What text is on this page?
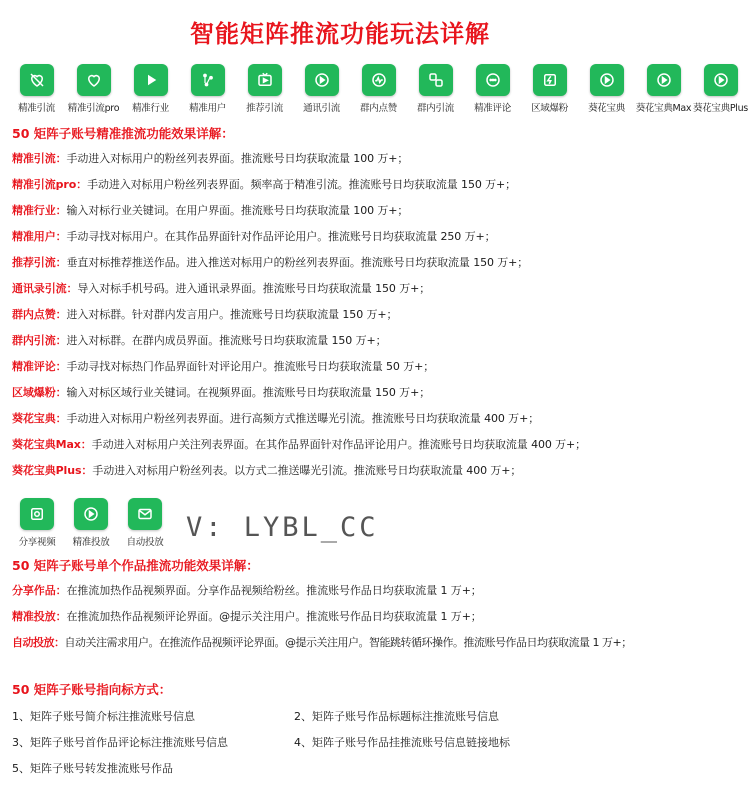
智能矩阵推流功能玩法详解
精准引流 精准引流pro 精准行业 精准用户 推荐引流 通讯引流 群内点赞 群内引流 精准评论 区域爆粉 葵花宝典 葵花宝典Max 葵花宝典Plus
50 矩阵子账号精准推流功能效果详解：
精准引流：手动进入对标用户的粉丝列表界面。推流账号日均获取流量 100 万+；
精准引流pro：手动进入对标用户粉丝列表界面。频率高于精准引流。推流账号日均获取流量 150 万+；
精准行业：输入对标行业关键词。在用户界面。推流账号日均获取流量 100 万+；
精准用户：手动寻找对标用户。在其作品界面针对作品评论用户。推流账号日均获取流量 250 万+；
推荐引流：垂直对标推荐推送作品。进入推送对标用户的粉丝列表界面。推流账号日均获取流量 150 万+；
通讯录引流：导入对标手机号码。进入通讯录界面。推流账号日均获取流量 150 万+；
群内点赞：进入对标群。针对群内发言用户。推流账号日均获取流量 150 万+；
群内引流：进入对标群。在群内成员界面。推流账号日均获取流量 150 万+；
精准评论：手动寻找对标热门作品界面针对评论用户。推流账号日均获取流量 50 万+；
区域爆粉：输入对标区域行业关键词。在视频界面。推流账号日均获取流量 150 万+；
葵花宝典：手动进入对标用户粉丝列表界面。进行高频方式推送曝光引流。推流账号日均获取流量 400 万+；
葵花宝典Max：手动进入对标用户关注列表界面。在其作品界面针对作品评论用户。推流账号日均获取流量 400 万+；
葵花宝典Plus：手动进入对标用户粉丝列表。以方式二推送曝光引流。推流账号日均获取流量 400 万+；
分享视频 精准投放 自动投放 V: LYBL_CC
50 矩阵子账号单个作品推流功能效果详解：
分享作品：在推流加热作品视频界面。分享作品视频给粉丝。推流账号作品日均获取流量 1 万+；
精准投放：在推流加热作品视频评论界面。@提示关注用户。推流账号作品日均获取流量 1 万+；
自动投放：自动关注需求用户。在推流作品视频评论界面。@提示关注用户。智能跳转循环操作。推流账号作品日均获取流量 1 万+；
50 矩阵子账号指向标方式：
1、矩阵子账号简介标注推流账号信息	2、矩阵子账号作品标题标注推流账号信息
3、矩阵子账号首作品评论标注推流账号信息	4、矩阵子账号作品挂推流账号信息链接地标
5、矩阵子账号转发推流账号作品
